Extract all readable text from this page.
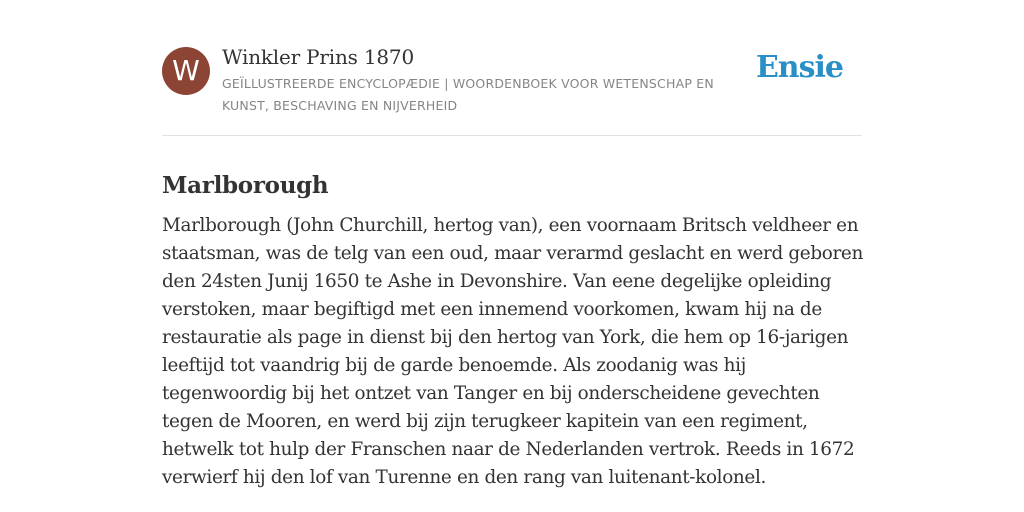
W	Winkler Prins 1870
GEÏLLUSTREERDE ENCYCLOPÆDIE | WOORDENBOEK VOOR WETENSCHAP EN KUNST, BESCHAVING EN NIJVERHEID
Ensie
Marlborough

Marlborough (John Churchill, hertog van), een voornaam Britsch veldheer en staatsman, was de telg van een oud, maar verarmd geslacht en werd geboren den 24sten Junij 1650 te Ashe in Devonshire. Van eene degelijke opleiding verstoken, maar begiftigd met een innemend voorkomen, kwam hij na de restauratie als page in dienst bij den hertog van York, die hem op 16-jarigen leeftijd tot vaandrig bij de garde benoemde. Als zoodanig was hij tegenwoordig bij het ontzet van Tanger en bij onderscheidene gevechten tegen de Mooren, en werd bij zijn terugkeer kapitein van een regiment, hetwelk tot hulp der Franschen naar de Nederlanden vertrok. Reeds in 1672 verwierf hij den lof van Turenne en den rang van luitenant-kolonel.
